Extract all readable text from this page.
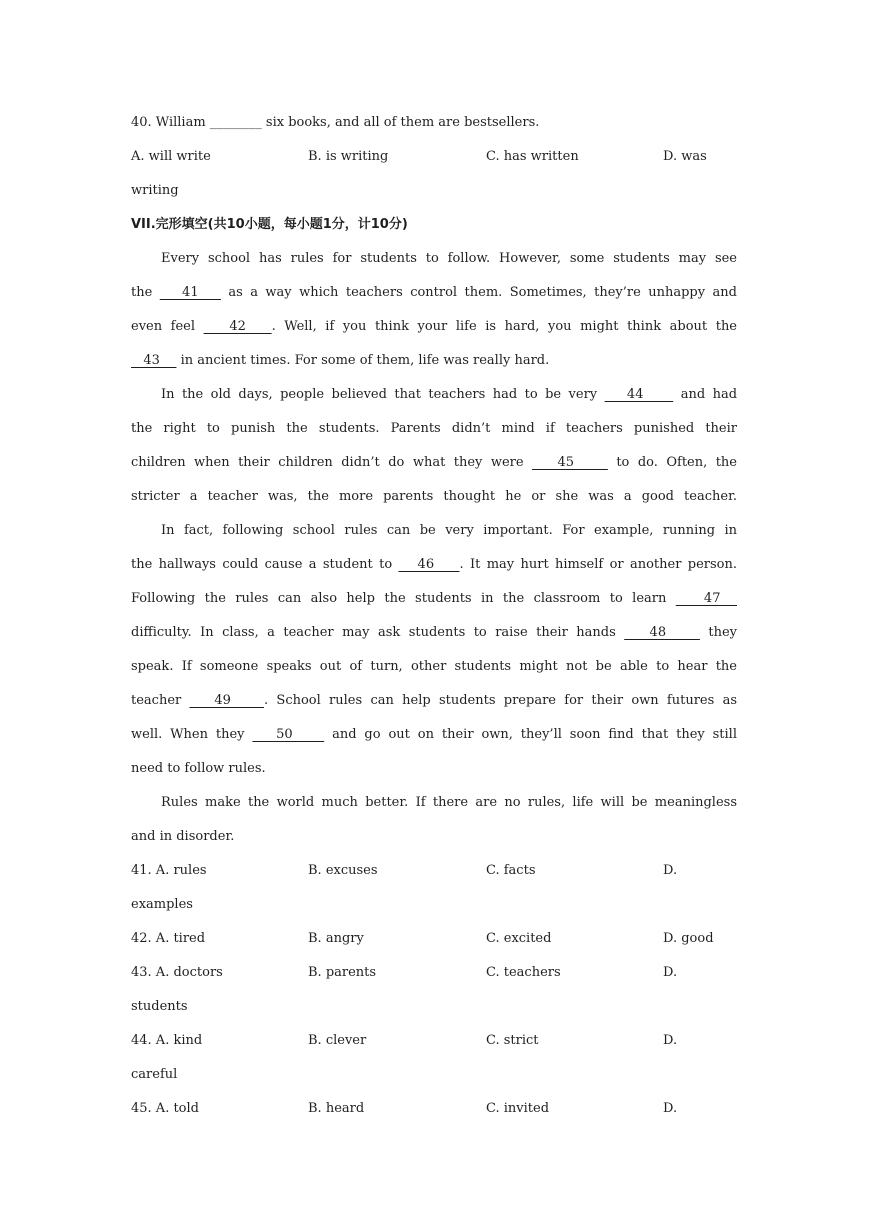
40. William ________ six books, and all of them are bestsellers.
A. will write	B. is writing	C. has written	D. was
writing
VII.完形填空(共10小题，每小题1分，计10分)
Every school has rules for students to follow. However, some students may see
the    41    as a way which teachers control them. Sometimes, they’re unhappy and
even feel    42   . Well, if you think your life is hard, you might think about the
43     in ancient times. For some of them, life was really hard.
In the old days, people believed that teachers had to be very    44     and had
the right to punish the students. Parents didn’t mind if teachers punished their
children when their children didn’t do what they were    45     to do. Often, the
stricter a teacher was, the more parents thought he or she was a good teacher.
In fact, following school rules can be very important. For example, running in
the hallways could cause a student to    46    . It may hurt himself or another person.
Following the rules can also help the students in the classroom to learn    47
difficulty. In class, a teacher may ask students to raise their hands    48     they
speak. If someone speaks out of turn, other students might not be able to hear the
teacher    49    . School rules can help students prepare for their own futures as
well. When they    50     and go out on their own, they’ll soon find that they still
need to follow rules.
Rules make the world much better. If there are no rules, life will be meaningless
and in disorder.
41. A. rules	B. excuses	C. facts	D.
examples
42. A. tired	B. angry	C. excited	D. good
43. A. doctors	B. parents	C. teachers	D.
students
44. A. kind	B. clever	C. strict	D.
careful
45. A. told	B. heard	C. invited	D.
